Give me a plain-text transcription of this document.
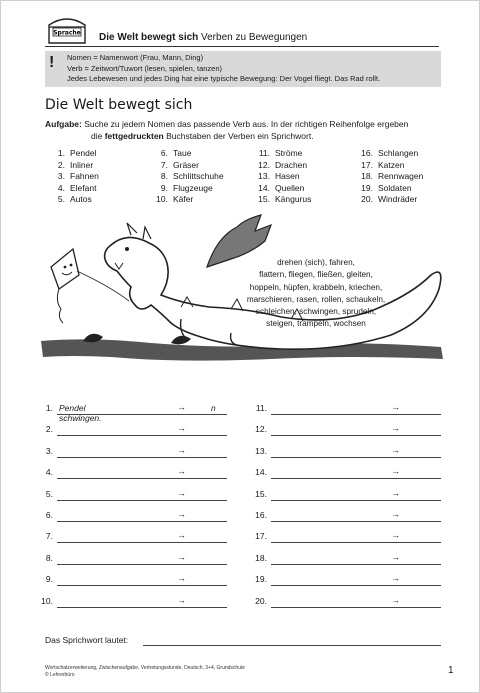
Sprache Die Welt bewegt sich Verben zu Bewegungen
! Nomen = Namenwort (Frau, Mann, Ding)
Verb = Zeitwort/Tuwort (lesen, spielen, tanzen)
Jedes Lebewesen und jedes Ding hat eine typische Bewegung: Der Vogel fliegt. Das Rad rollt.
Die Welt bewegt sich
Aufgabe: Suche zu jedem Nomen das passende Verb aus. In der richtigen Reihenfolge ergeben
die fettgedruckten Buchstaben der Verben ein Sprichwort.
1. Pendel
2. Inliner
3. Fahnen
4. Elefant
5. Autos
6. Taue
7. Gräser
8. Schlittschuhe
9. Flugzeuge
10. Käfer
11. Ströme
12. Drachen
13. Hasen
14. Quellen
15. Kängurus
16. Schlangen
17. Katzen
18. Rennwagen
19. Soldaten
20. Windräder
drehen (sich), fahren,
flattern, fliegen, fließen, gleiten,
hoppeln, hüpfen, krabbeln, kriechen,
marschieren, rasen, rollen, schaukeln,
schleichen, schwingen, sprudeln,
steigen, trampeln, wochsen
1. Pendel schwingen.
→	n
2.	→
3.	→
4.	→
5.	→
6.	→
7.	→
8.	→
9.	→
10.	→
11.	→
12.	→
13.	→
14.	→
15.	→
16.	→
17.	→
18.	→
19.	→
20.	→
Das Sprichwort lautet:
Wortschatzerweiterung, Zwischenaufgabe, Vertretungsstunde, Deutsch, 3+4, Grundschule
© Lehrerbüro	1
